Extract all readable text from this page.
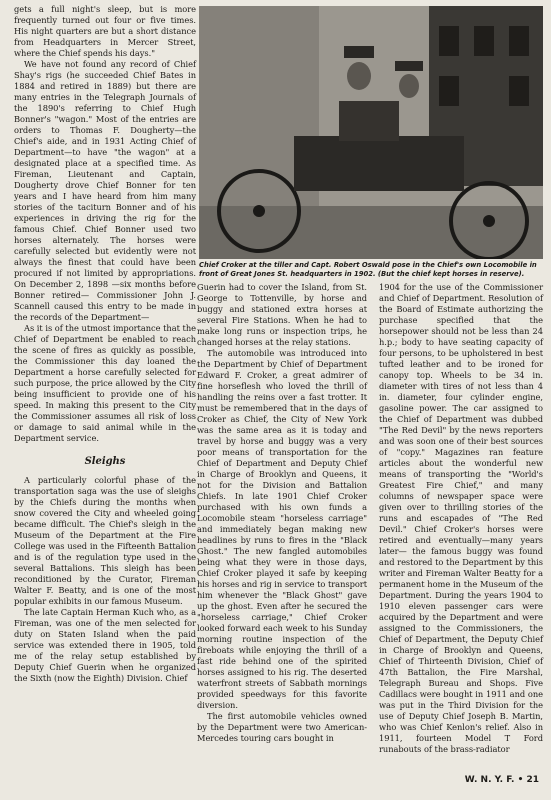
gets a full night's sleep, but is more frequently turned out four or five times. His night quarters are but a short distance from Headquarters in Mercer Street, where the Chief spends his days."

We have not found any record of Chief Shay's rigs (he succeeded Chief Bates in 1884 and retired in 1889) but there are many entries in the Telegraph Journals of the 1890's referring to Chief Hugh Bonner's "wagon." Most of the entries are orders to Thomas F. Dougherty—the Chief's aide, and in 1931 Acting Chief of Department—to have "the wagon" at a designated place at a specified time. As Fireman, Lieutenant and Captain, Dougherty drove Chief Bonner for ten years and I have heard from him many stories of the taciturn Bonner and of his experiences in driving the rig for the famous Chief. Chief Bonner used two horses alternately. The horses were carefully selected but evidently were not always the finest that could have been procured if not limited by appropriations. On December 2, 1898 —six months before Bonner retired— Commissioner John J. Scannell caused this entry to be made in the records of the Department—

As it is of the utmost importance that the Chief of Department be enabled to reach the scene of fires as quickly as possible, the Commissioner this day loaned the Department a horse carefully selected for such purpose, the price allowed by the City being insufficient to provide one of his speed. In making this present to the City the Commissioner assumes all risk of loss or damage to said animal while in the Department service.

Sleighs

A particularly colorful phase of the transportation saga was the use of sleighs by the Chiefs during the months when snow covered the City and wheeled going became difficult. The Chief's sleigh in the Museum of the Department at the Fire College was used in the Fifteenth Battalion and is of the regulation type used in the several Battalions. This sleigh has been reconditioned by the Curator, Fireman Walter F. Beatty, and is one of the most popular exhibits in our famous Museum.

The late Captain Herman Kuch who, as a Fireman, was one of the men selected for duty on Staten Island when the paid service was extended there in 1905, told me of the relay setup established by Deputy Chief Guerin when he organized the Sixth (now the Eighth) Division. Chief

Chief Croker at the tiller and Capt. Robert Oswald pose in the Chief's own Locomobile in front of Great Jones St. headquarters in 1902. (But the chief kept horses in reserve).

Guerin had to cover the Island, from St. George to Tottenville, by horse and buggy and stationed extra horses at several Fire Stations. When he had to make long runs or inspection trips, he changed horses at the relay stations.

The automobile was introduced into the Department by Chief of Department Edward F. Croker, a great admirer of fine horseflesh who loved the thrill of handling the reins over a fast trotter. It must be remembered that in the days of Croker as Chief, the City of New York was the same area as it is today and travel by horse and buggy was a very poor means of transportation for the Chief of Department and Deputy Chief in Charge of Brooklyn and Queens, it not for the Division and Battalion Chiefs. In late 1901 Chief Croker purchased with his own funds a Locomobile steam "horseless carriage" and immediately began making new headlines by runs to fires in the "Black Ghost." The new fangled automobiles being what they were in those days, Chief Croker played it safe by keeping his horses and rig in service to transport him whenever the "Black Ghost" gave up the ghost. Even after he secured the "horseless carriage," Chief Croker looked forward each week to his Sunday morning routine inspection of the fireboats while enjoying the thrill of a fast ride behind one of the spirited horses assigned to his rig. The deserted waterfront streets of Sabbath mornings provided speedways for this favorite diversion.

The first automobile vehicles owned by the Department were two American-Mercedes touring cars bought in

1904 for the use of the Commissioner and Chief of Department. Resolution of the Board of Estimate authorizing the purchase specified that the horsepower should not be less than 24 h.p.; body to have seating capacity of four persons, to be upholstered in best tufted leather and to be ironed for canopy top. Wheels to be 34 in. diameter with tires of not less than 4 in. diameter, four cylinder engine, gasoline power. The car assigned to the Chief of Department was dubbed "The Red Devil" by the news reporters and was soon one of their best sources of "copy." Magazines ran feature articles about the wonderful new means of transporting the "World's Greatest Fire Chief," and many columns of newspaper space were given over to thrilling stories of the runs and escapades of "The Red Devil." Chief Croker's horses were retired and eventually—many years later— the famous buggy was found and restored to the Department by this writer and Fireman Walter Beatty for a permanent home in the Museum of the Department. During the years 1904 to 1910 eleven passenger cars were acquired by the Department and were assigned to the Commissioners, the Chief of Department, the Deputy Chief in Charge of Brooklyn and Queens, Chief of Thirteenth Division, Chief of 47th Battalion, the Fire Marshal, Telegraph Bureau and Shops. Five Cadillacs were bought in 1911 and one was put in the Third Division for the use of Deputy Chief Joseph B. Martin, who was Chief Kenlon's relief. Also in 1911, fourteen Model T Ford runabouts of the brass-radiator

W. N. Y. F. • 21
